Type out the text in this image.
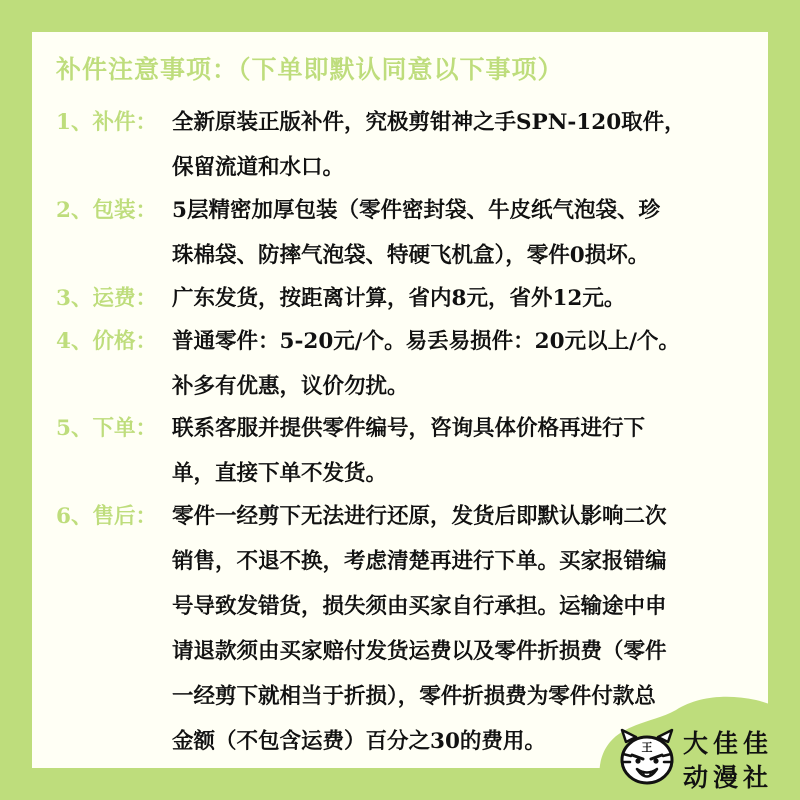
补件注意事项：（下单即默认同意以下事项）
1、补件： 全新原装正版补件，究极剪钳神之手SPN-120取件，
保留流道和水口。
2、包装： 5层精密加厚包装（零件密封袋、牛皮纸气泡袋、珍
珠棉袋、防摔气泡袋、特硬飞机盒），零件0损坏。
3、运费： 广东发货，按距离计算，省内8元，省外12元。
4、价格： 普通零件：5-20元/个。易丢易损件：20元以上/个。
补多有优惠，议价勿扰。
5、下单： 联系客服并提供零件编号，咨询具体价格再进行下
单，直接下单不发货。
6、售后： 零件一经剪下无法进行还原，发货后即默认影响二次
销售，不退不换，考虑清楚再进行下单。买家报错编
号导致发错货，损失须由买家自行承担。运输途中申
请退款须由买家赔付发货运费以及零件折损费（零件
一经剪下就相当于折损），零件折损费为零件付款总
金额（不包含运费）百分之30的费用。	王 大佳佳
动漫社
